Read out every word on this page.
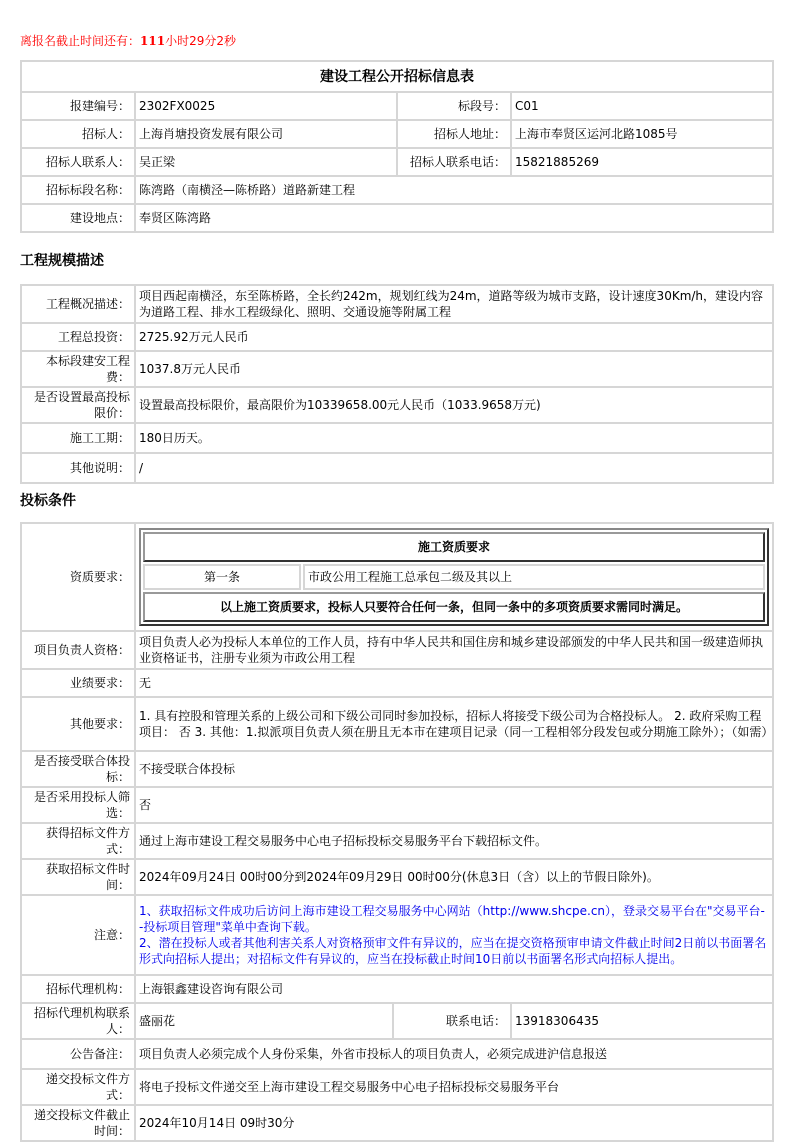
离报名截止时间还有：111小时29分2秒
建设工程公开招标信息表			
报建编号：	2302FX0025	标段号：	C01
招标人：	上海肖塘投资发展有限公司	招标人地址：	上海市奉贤区运河北路1085号
招标人联系人：	吴正梁	招标人联系电话：	15821885269
招标标段名称：	陈湾路（南横泾—陈桥路）道路新建工程		
建设地点：	奉贤区陈湾路		
工程规模描述
工程概况描述：	项目西起南横泾，东至陈桥路，全长约242m，规划红线为24m，道路等级为城市支路，设计速度30Km/h，建设内容为道路工程、排水工程级绿化、照明、交通设施等附属工程
工程总投资：	2725.92万元人民币
本标段建安工程费：	1037.8万元人民币
是否设置最高投标限价：	设置最高投标限价，最高限价为10339658.00元人民币（1033.9658万元)
施工工期：	180日历天。
其他说明：	/
投标条件
资质要求：	
施工资质要求
第一条	市政公用工程施工总承包二级及其以上
以上施工资质要求，投标人只要符合任何一条，但同一条中的多项资质要求需同时满足。

项目负责人资格：	项目负责人必为投标人本单位的工作人员，持有中华人民共和国住房和城乡建设部颁发的中华人民共和国一级建造师执业资格证书，注册专业须为市政公用工程
业绩要求：	无
其他要求：	1. 具有控股和管理关系的上级公司和下级公司同时参加投标，招标人将接受下级公司为合格投标人。 2. 政府采购工程项目： 否 3. 其他：1.拟派项目负责人须在册且无本市在建项目记录（同一工程相邻分段发包或分期施工除外）；（如需）
是否接受联合体投标：	不接受联合体投标
是否采用投标人筛选：	否
获得招标文件方式：	通过上海市建设工程交易服务中心电子招标投标交易服务平台下载招标文件。
获取招标文件时间：	2024年09月24日 00时00分到2024年09月29日 00时00分(休息3日（含）以上的节假日除外)。
注意：	
1、获取招标文件成功后访问上海市建设工程交易服务中心网站（http://www.shcpe.cn），登录交易平台在"交易平台--投标项目管理"菜单中查询下载。
2、潜在投标人或者其他利害关系人对资格预审文件有异议的，应当在提交资格预审申请文件截止时间2日前以书面署名形式向招标人提出；对招标文件有异议的，应当在投标截止时间10日前以书面署名形式向招标人提出。

招标代理机构：	上海银鑫建设咨询有限公司
招标代理机构联系人：	盛丽花	联系电话：	13918306435
公告备注：	项目负责人必须完成个人身份采集，外省市投标人的项目负责人，必须完成进沪信息报送
递交投标文件方式：	将电子投标文件递交至上海市建设工程交易服务中心电子招标投标交易服务平台
递交投标文件截止时间：	2024年10月14日 09时30分
